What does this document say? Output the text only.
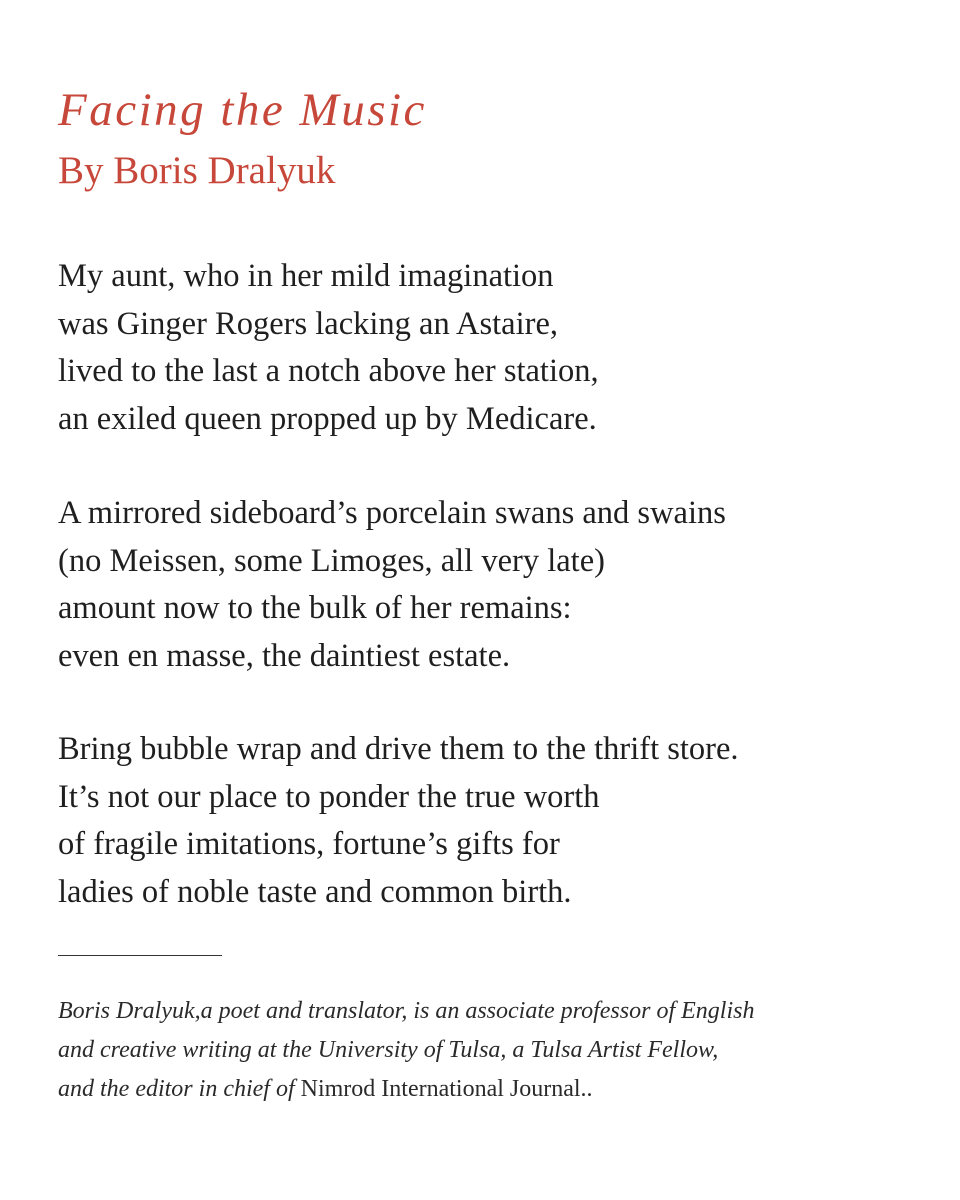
Facing the Music
By Boris Dralyuk
My aunt, who in her mild imagination
was Ginger Rogers lacking an Astaire,
lived to the last a notch above her station,
an exiled queen propped up by Medicare.
A mirrored sideboard’s porcelain swans and swains
(no Meissen, some Limoges, all very late)
amount now to the bulk of her remains:
even en masse, the daintiest estate.
Bring bubble wrap and drive them to the thrift store.
It’s not our place to ponder the true worth
of fragile imitations, fortune’s gifts for
ladies of noble taste and common birth.

Boris Dralyuk,a poet and translator, is an associate professor of English
and creative writing at the University of Tulsa, a Tulsa Artist Fellow,
and the editor in chief of Nimrod International Journal..
